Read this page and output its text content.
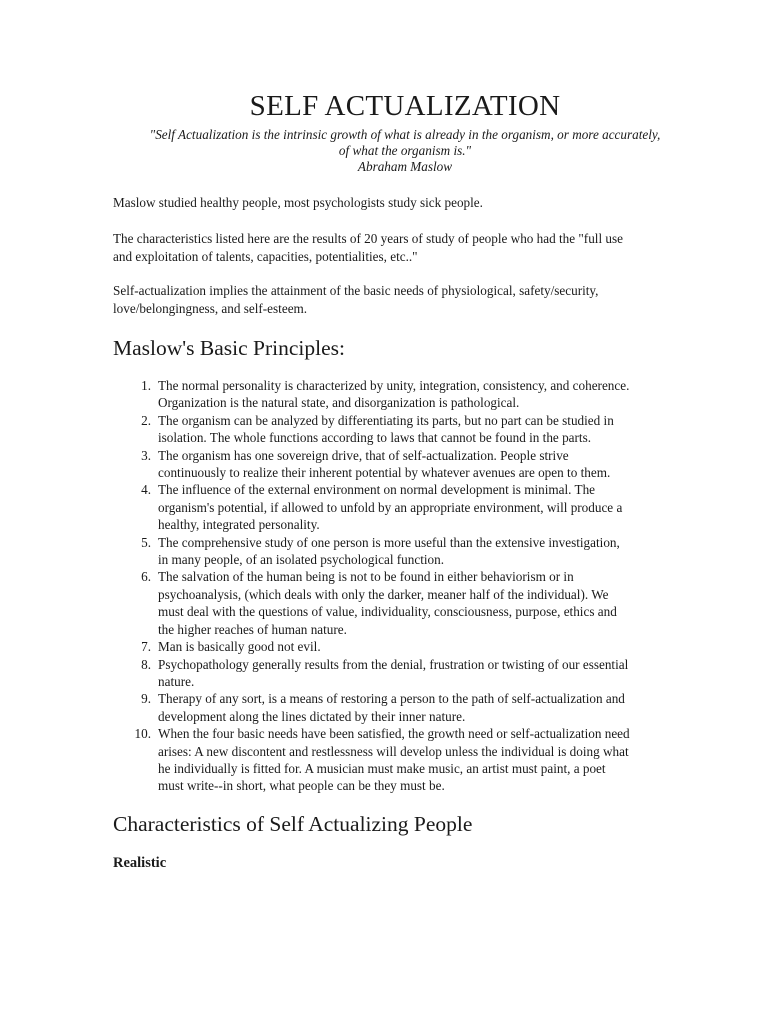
SELF ACTUALIZATION
"Self Actualization is the intrinsic growth of what is already in the organism, or more accurately,
of what the organism is."
Abraham Maslow
Maslow studied healthy people, most psychologists study sick people.
The characteristics listed here are the results of 20 years of study of people who had the "full use
and exploitation of talents, capacities, potentialities, etc.."
Self-actualization implies the attainment of the basic needs of physiological, safety/security,
love/belongingness, and self-esteem.
Maslow's Basic Principles:
1. The normal personality is characterized by unity, integration, consistency, and coherence.
Organization is the natural state, and disorganization is pathological.
2. The organism can be analyzed by differentiating its parts, but no part can be studied in
isolation. The whole functions according to laws that cannot be found in the parts.
3. The organism has one sovereign drive, that of self-actualization. People strive
continuously to realize their inherent potential by whatever avenues are open to them.
4. The influence of the external environment on normal development is minimal. The
organism's potential, if allowed to unfold by an appropriate environment, will produce a
healthy, integrated personality.
5. The comprehensive study of one person is more useful than the extensive investigation,
in many people, of an isolated psychological function.
6. The salvation of the human being is not to be found in either behaviorism or in
psychoanalysis, (which deals with only the darker, meaner half of the individual). We
must deal with the questions of value, individuality, consciousness, purpose, ethics and
the higher reaches of human nature.
7. Man is basically good not evil.
8. Psychopathology generally results from the denial, frustration or twisting of our essential
nature.
9. Therapy of any sort, is a means of restoring a person to the path of self-actualization and
development along the lines dictated by their inner nature.
10. When the four basic needs have been satisfied, the growth need or self-actualization need
arises: A new discontent and restlessness will develop unless the individual is doing what
he individually is fitted for. A musician must make music, an artist must paint, a poet
must write--in short, what people can be they must be.
Characteristics of Self Actualizing People
Realistic
